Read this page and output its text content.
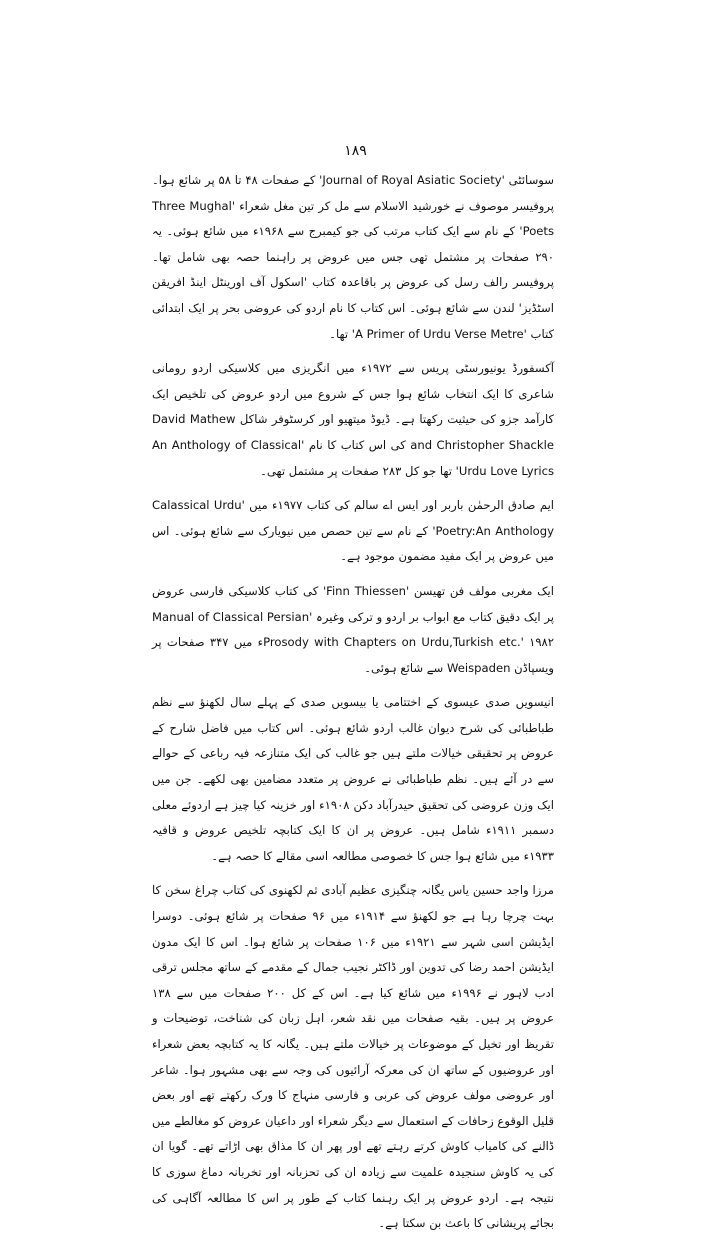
۱۸۹

سوسائٹی 'Journal of Royal Asiatic Society' کے صفحات ۴۸ تا ۵۸ پر شائع ہوا۔ پروفیسر موصوف نے خورشید الاسلام سے مل کر تین مغل شعراء 'Three Mughal Poets' کے نام سے ایک کتاب مرتب کی جو کیمبرج سے ۱۹۶۸ء میں شائع ہوئی۔ یہ ۲۹۰ صفحات پر مشتمل تھی جس میں عروض پر راہنما حصہ بھی شامل تھا۔ پروفیسر رالف رسل کی عروض پر باقاعدہ کتاب 'اسکول آف اورینٹل اینڈ افریقن اسٹڈیز' لندن سے شائع ہوئی۔ اس کتاب کا نام اردو کی عروضی بحر پر ایک ابتدائی کتاب 'A Primer of Urdu Verse Metre' تھا۔

آکسفورڈ یونیورسٹی پریس سے ۱۹۷۲ء میں انگریزی میں کلاسیکی اردو رومانی شاعری کا ایک انتخاب شائع ہوا جس کے شروع میں اردو عروض کی تلخیص ایک کارآمد جزو کی حیثیت رکھتا ہے۔ ڈیوڈ میتھیو اور کرسٹوفر شاکل David Mathew and Christopher Shackle کی اس کتاب کا نام 'An Anthology of Classical Urdu Love Lyrics' تھا جو کل ۲۸۳ صفحات پر مشتمل تھی۔

ایم صادق الرحمٰن باربر اور ایس اے سالم کی کتاب ۱۹۷۷ء میں 'Calassical Urdu Poetry:An Anthology' کے نام سے تین حصص میں نیویارک سے شائع ہوئی۔ اس میں عروض پر ایک مفید مضمون موجود ہے۔

ایک مغربی مولف فن تھیسن 'Finn Thiessen' کی کتاب کلاسیکی فارسی عروض پر ایک دقیق کتاب مع ابواب بر اردو و ترکی وغیرہ 'Manual of Classical Persian Prosody with Chapters on Urdu,Turkish etc.' ۱۹۸۲ء میں ۳۴۷ صفحات پر ویسپاڈن Weispaden سے شائع ہوئی۔

انیسویں صدی عیسوی کے اختتامی یا بیسویں صدی کے پہلے سال لکھنؤ سے نظم طباطبائی کی شرح دیوان غالب اردو شائع ہوئی۔ اس کتاب میں فاضل شارح کے عروض پر تحقیقی خیالات ملتے ہیں جو غالب کی ایک متنازعہ فیہ رباعی کے حوالے سے در آئے ہیں۔ نظم طباطبائی نے عروض پر متعدد مضامین بھی لکھے۔ جن میں ایک وزن عروضی کی تحقیق حیدرآباد دکن ۱۹۰۸ء اور خزینہ کیا چیز ہے اردوئے معلی دسمبر ۱۹۱۱ء شامل ہیں۔ عروض پر ان کا ایک کتابچہ تلخیص عروض و قافیہ ۱۹۳۳ء میں شائع ہوا جس کا خصوصی مطالعہ اسی مقالے کا حصہ ہے۔

مرزا واجد حسین یاس یگانہ چنگیزی عظیم آبادی ثم لکھنوی کی کتاب چراغ سخن کا بہت چرچا رہا ہے جو لکھنؤ سے ۱۹۱۴ء میں ۹۶ صفحات پر شائع ہوئی۔ دوسرا ایڈیشن اسی شہر سے ۱۹۲۱ء میں ۱۰۶ صفحات پر شائع ہوا۔ اس کا ایک مدون ایڈیشن احمد رضا کی تدوین اور ڈاکٹر نجیب جمال کے مقدمے کے ساتھ مجلس ترقی ادب لاہور نے ۱۹۹۶ء میں شائع کیا ہے۔ اس کے کل ۲۰۰ صفحات میں سے ۱۳۸ عروض پر ہیں۔ بقیہ صفحات میں نقد شعر، اہل زبان کی شناخت، توضیحات و تقریظ اور تخیل کے موضوعات پر خیالات ملتے ہیں۔ یگانہ کا یہ کتابچہ بعض شعراء اور عروضیوں کے ساتھ ان کی معرکہ آرائیوں کی وجہ سے بھی مشہور ہوا۔ شاعر اور عروضی مولف عروض کی عربی و فارسی منہاج کا ورک رکھتے تھے اور بعض قلیل الوقوع زحافات کے استعمال سے دیگر شعراء اور داعیان عروض کو مغالطے میں ڈالنے کی کامیاب کاوش کرتے رہتے تھے اور پھر ان کا مذاق بھی اڑاتے تھے۔ گویا ان کی یہ کاوش سنجیدہ علمیت سے زیادہ ان کی تحزبانہ اور تخربانہ دماغ سوزی کا نتیجہ ہے۔ اردو عروض پر ایک رہنما کتاب کے طور پر اس کا مطالعہ آگاہی کی بجائے پریشانی کا باعث بن سکتا ہے۔
